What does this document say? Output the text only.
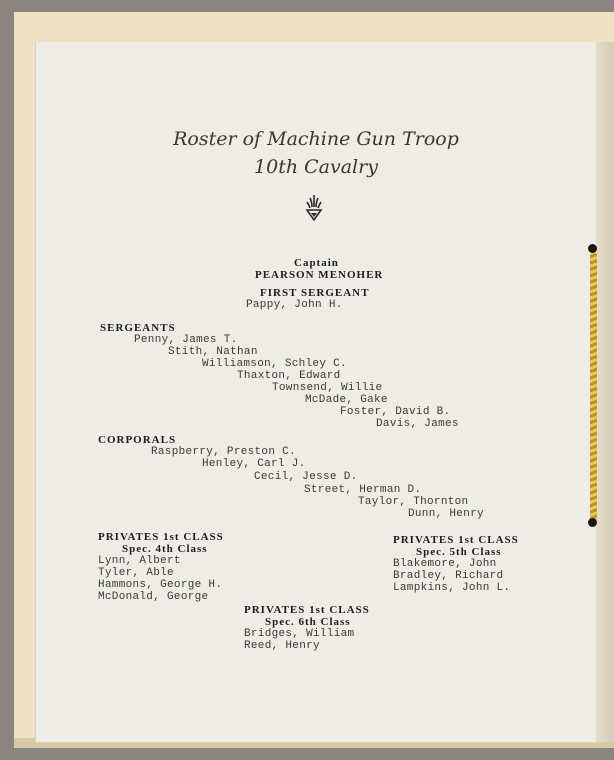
Roster of Machine Gun Troop
10th Cavalry
Captain
PEARSON MENOHER
FIRST SERGEANT
Pappy, John H.
SERGEANTS
Penny, James T.
Stith, Nathan
Williamson, Schley C.
Thaxton, Edward
Townsend, Willie
McDade, Gake
Foster, David B.
Davis, James
CORPORALS
Raspberry, Preston C.
Henley, Carl J.
Cecil, Jesse D.
Street, Herman D.
Taylor, Thornton
Dunn, Henry
PRIVATES 1st CLASS
Spec. 4th Class
Lynn, Albert
Tyler, Able
Hammons, George H.
McDonald, George
PRIVATES 1st CLASS
Spec. 5th Class
Blakemore, John
Bradley, Richard
Lampkins, John L.
PRIVATES 1st CLASS
Spec. 6th Class
Bridges, William
Reed, Henry
